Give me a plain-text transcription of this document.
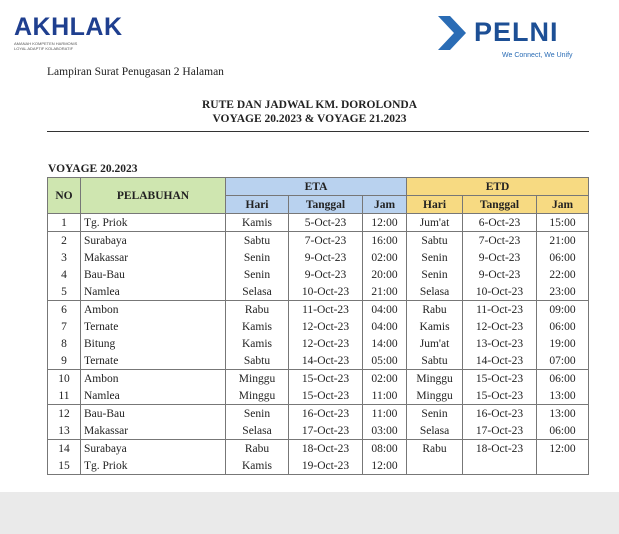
AKHLAK
AMANAH KOMPETEN HARMONIS
LOYAL ADAPTIF KOLABORATIF
PELNI
We Connect, We Unify
Lampiran Surat Penugasan 2 Halaman
RUTE DAN JADWAL KM. DOROLONDA
VOYAGE 20.2023 & VOYAGE 21.2023
VOYAGE 20.2023
NO	PELABUHAN	ETA			ETD		
		Hari	Tanggal	Jam	Hari	Tanggal	Jam
1	Tg. Priok	Kamis	5-Oct-23	12:00	Jum'at	6-Oct-23	15:00
2	Surabaya	Sabtu	7-Oct-23	16:00	Sabtu	7-Oct-23	21:00
3	Makassar	Senin	9-Oct-23	02:00	Senin	9-Oct-23	06:00
4	Bau-Bau	Senin	9-Oct-23	20:00	Senin	9-Oct-23	22:00
5	Namlea	Selasa	10-Oct-23	21:00	Selasa	10-Oct-23	23:00
6	Ambon	Rabu	11-Oct-23	04:00	Rabu	11-Oct-23	09:00
7	Ternate	Kamis	12-Oct-23	04:00	Kamis	12-Oct-23	06:00
8	Bitung	Kamis	12-Oct-23	14:00	Jum'at	13-Oct-23	19:00
9	Ternate	Sabtu	14-Oct-23	05:00	Sabtu	14-Oct-23	07:00
10	Ambon	Minggu	15-Oct-23	02:00	Minggu	15-Oct-23	06:00
11	Namlea	Minggu	15-Oct-23	11:00	Minggu	15-Oct-23	13:00
12	Bau-Bau	Senin	16-Oct-23	11:00	Senin	16-Oct-23	13:00
13	Makassar	Selasa	17-Oct-23	03:00	Selasa	17-Oct-23	06:00
14	Surabaya	Rabu	18-Oct-23	08:00	Rabu	18-Oct-23	12:00
15	Tg. Priok	Kamis	19-Oct-23	12:00			
